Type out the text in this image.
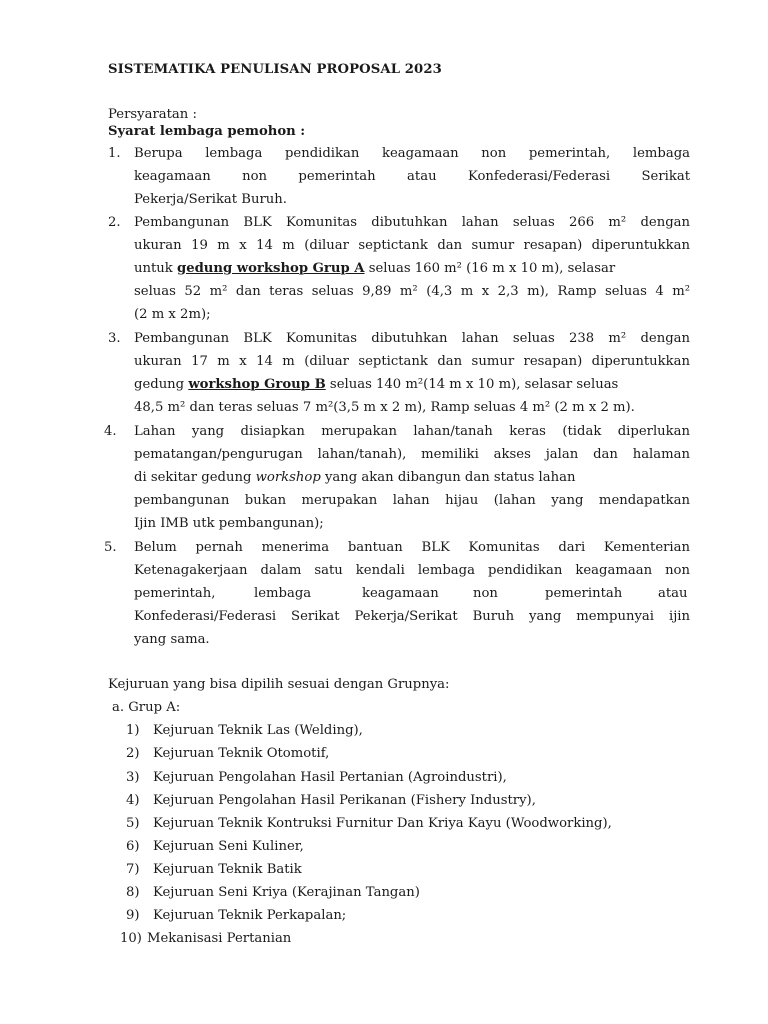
SISTEMATIKA PENULISAN PROPOSAL 2023
Persyaratan :
Syarat lembaga pemohon :
1.	Berupa lembaga pendidikan keagamaan non pemerintah, lembaga
keagamaan non pemerintah atau Konfederasi/Federasi Serikat
Pekerja/Serikat Buruh.
2.	Pembangunan BLK Komunitas dibutuhkan lahan seluas 266 m² dengan
ukuran 19 m x 14 m (diluar septictank dan sumur resapan) diperuntukkan
untuk gedung workshop Grup A seluas 160 m² (16 m x 10 m), selasar
seluas 52 m² dan teras seluas 9,89 m² (4,3 m x 2,3 m), Ramp seluas 4 m²
(2 m x 2m);
3.	Pembangunan BLK Komunitas dibutuhkan lahan seluas 238 m² dengan
ukuran 17 m x 14 m (diluar septictank dan sumur resapan) diperuntukkan
gedung workshop Group B seluas 140 m²(14 m x 10 m), selasar seluas
48,5 m² dan teras seluas 7 m²(3,5 m x 2 m), Ramp seluas 4 m² (2 m x 2 m).
4.	Lahan yang disiapkan merupakan lahan/tanah keras (tidak diperlukan
pematangan/pengurugan lahan/tanah), memiliki akses jalan dan halaman
di sekitar gedung workshop yang akan dibangun dan status lahan
pembangunan bukan merupakan lahan hijau (lahan yang mendapatkan
Ijin IMB utk pembangunan);
5.	Belum pernah menerima bantuan BLK Komunitas dari Kementerian
Ketenagakerjaan dalam satu kendali lembaga pendidikan keagamaan non
pemerintah,	lembaga	keagamaan	non	pemerintah	atau
Konfederasi/Federasi Serikat Pekerja/Serikat Buruh yang mempunyai ijin
yang sama.
Kejuruan yang bisa dipilih sesuai dengan Grupnya:
a. Grup A:
1)	Kejuruan Teknik Las (Welding),
2)	Kejuruan Teknik Otomotif,
3)	Kejuruan Pengolahan Hasil Pertanian (Agroindustri),
4)	Kejuruan Pengolahan Hasil Perikanan (Fishery Industry),
5)	Kejuruan Teknik Kontruksi Furnitur Dan Kriya Kayu (Woodworking),
6)	Kejuruan Seni Kuliner,
7)	Kejuruan Teknik Batik
8)	Kejuruan Seni Kriya (Kerajinan Tangan)
9)	Kejuruan Teknik Perkapalan;
10) Mekanisasi Pertanian
